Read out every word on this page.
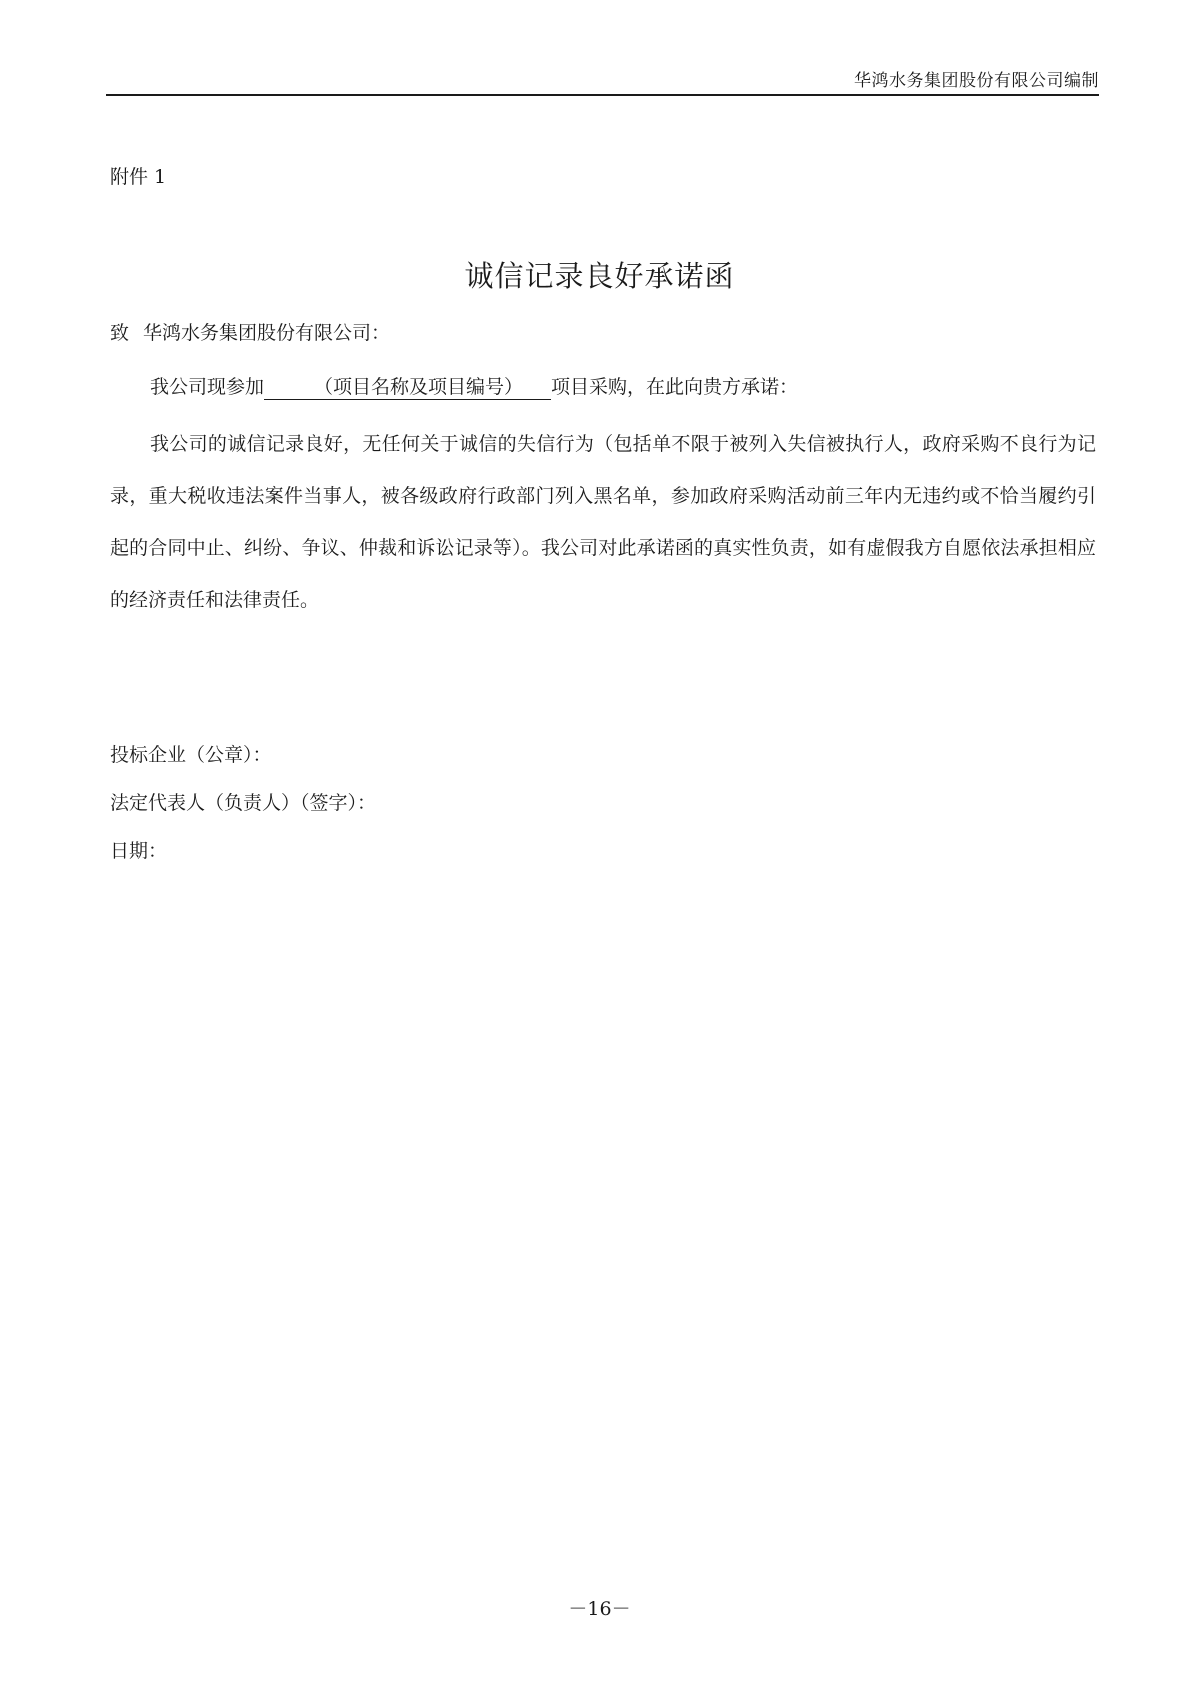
华鸿水务集团股份有限公司编制
附件 1
诚信记录良好承诺函
致 华鸿水务集团股份有限公司：
我公司现参加	（项目名称及项目编号） 项目采购，在此向贵方承诺：

我公司的诚信记录良好，无任何关于诚信的失信行为（包括单不限于被列入失信被执行人，政府采购不良行为记录，重大税收违法案件当事人，被各级政府行政部门列入黑名单，参加政府采购活动前三年内无违约或不恰当履约引起的合同中止、纠纷、争议、仲裁和诉讼记录等）。我公司对此承诺函的真实性负责，如有虚假我方自愿依法承担相应的经济责任和法律责任。

投标企业（公章）：
法定代表人（负责人）（签字）：
日期：
－16－
